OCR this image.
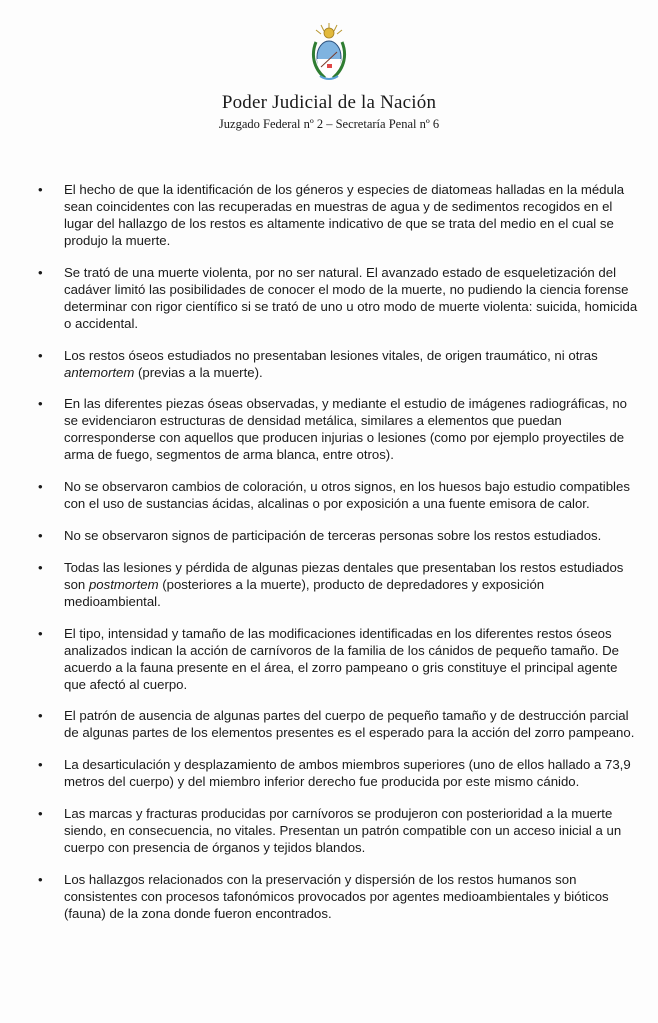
Poder Judicial de la Nación
Juzgado Federal nº 2 – Secretaría Penal nº 6
• El hecho de que la identificación de los géneros y especies de diatomeas halladas en la médula sean coincidentes con las recuperadas en muestras de agua y de sedimentos recogidos en el lugar del hallazgo de los restos es altamente indicativo de que se trata del medio en el cual se produjo la muerte.
• Se trató de una muerte violenta, por no ser natural. El avanzado estado de esqueletización del cadáver limitó las posibilidades de conocer el modo de la muerte, no pudiendo la ciencia forense determinar con rigor científico si se trató de uno u otro modo de muerte violenta: suicida, homicida o accidental.
• Los restos óseos estudiados no presentaban lesiones vitales, de origen traumático, ni otras antemortem (previas a la muerte).
• En las diferentes piezas óseas observadas, y mediante el estudio de imágenes radiográficas, no se evidenciaron estructuras de densidad metálica, similares a elementos que puedan corresponderse con aquellos que producen injurias o lesiones (como por ejemplo proyectiles de arma de fuego, segmentos de arma blanca, entre otros).
• No se observaron cambios de coloración, u otros signos, en los huesos bajo estudio compatibles con el uso de sustancias ácidas, alcalinas o por exposición a una fuente emisora de calor.
• No se observaron signos de participación de terceras personas sobre los restos estudiados.
• Todas las lesiones y pérdida de algunas piezas dentales que presentaban los restos estudiados son postmortem (posteriores a la muerte), producto de depredadores y exposición medioambiental.
• El tipo, intensidad y tamaño de las modificaciones identificadas en los diferentes restos óseos analizados indican la acción de carnívoros de la familia de los cánidos de pequeño tamaño. De acuerdo a la fauna presente en el área, el zorro pampeano o gris constituye el principal agente que afectó al cuerpo.
• El patrón de ausencia de algunas partes del cuerpo de pequeño tamaño y de destrucción parcial de algunas partes de los elementos presentes es el esperado para la acción del zorro pampeano.
• La desarticulación y desplazamiento de ambos miembros superiores (uno de ellos hallado a 73,9 metros del cuerpo) y del miembro inferior derecho fue producida por este mismo cánido.
• Las marcas y fracturas producidas por carnívoros se produjeron con posterioridad a la muerte siendo, en consecuencia, no vitales. Presentan un patrón compatible con un acceso inicial a un cuerpo con presencia de órganos y tejidos blandos.
• Los hallazgos relacionados con la preservación y dispersión de los restos humanos son consistentes con procesos tafonómicos provocados por agentes medioambientales y bióticos (fauna) de la zona donde fueron encontrados.
